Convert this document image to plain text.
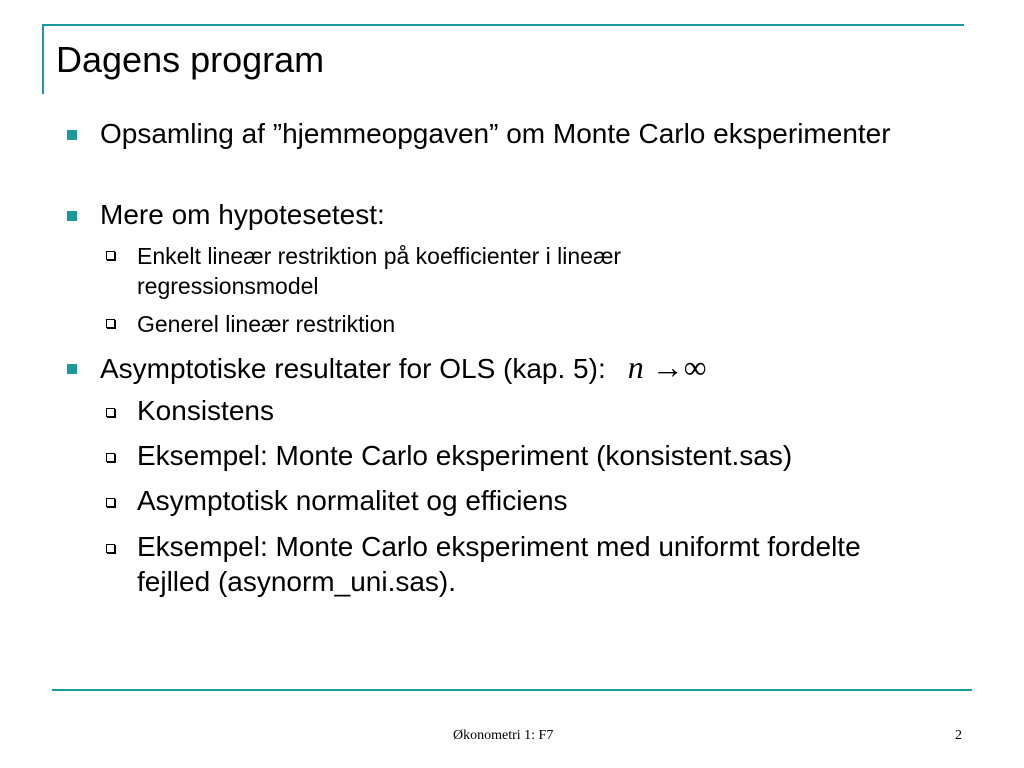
Dagens program
Opsamling af ”hjemmeopgaven” om Monte Carlo eksperimenter
Mere om hypotesetest:
Enkelt lineær restriktion på koefficienter i lineær regressionsmodel
Generel lineær restriktion
Asymptotiske resultater for OLS (kap. 5): n →∞
Konsistens
Eksempel: Monte Carlo eksperiment (konsistent.sas)
Asymptotisk normalitet og efficiens
Eksempel: Monte Carlo eksperiment med uniformt fordelte fejlled (asynorm_uni.sas).
Økonometri 1: F7	2
